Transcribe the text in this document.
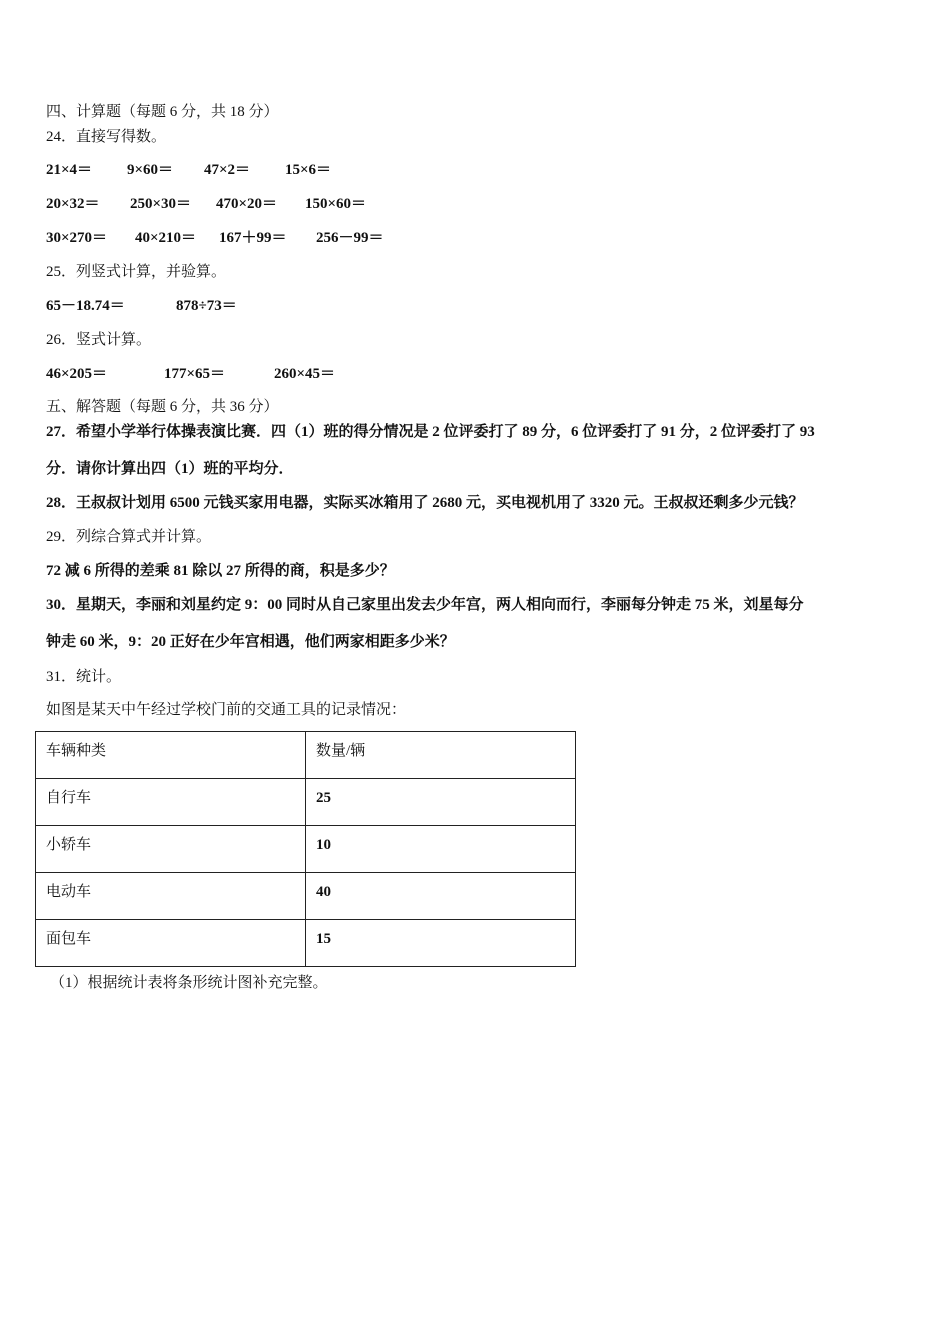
四、计算题（每题 6 分，共 18 分）
24．直接写得数。
21×4＝ 9×60＝ 47×2＝ 15×6＝
20×32＝ 250×30＝ 470×20＝ 150×60＝
30×270＝ 40×210＝ 167＋99＝ 256－99＝
25．列竖式计算，并验算。
65－18.74＝	878÷73＝
26．竖式计算。
46×205＝	177×65＝	260×45＝
五、解答题（每题 6 分，共 36 分）
27．希望小学举行体操表演比赛．四（1）班的得分情况是 2 位评委打了 89 分，6 位评委打了 91 分，2 位评委打了 93
分．请你计算出四（1）班的平均分．
28．王叔叔计划用 6500 元钱买家用电器，实际买冰箱用了 2680 元，买电视机用了 3320 元。王叔叔还剩多少元钱？
29．列综合算式并计算。
72 减 6 所得的差乘 81 除以 27 所得的商，积是多少？
30．星期天，李丽和刘星约定 9：00 同时从自己家里出发去少年宫，两人相向而行，李丽每分钟走 75 米，刘星每分
钟走 60 米，9：20 正好在少年宫相遇，他们两家相距多少米？
31．统计。
如图是某天中午经过学校门前的交通工具的记录情况：
车辆种类	数量/辆

自行车	25

小轿车	10

电动车	40

面包车	15
（1）根据统计表将条形统计图补充完整。
